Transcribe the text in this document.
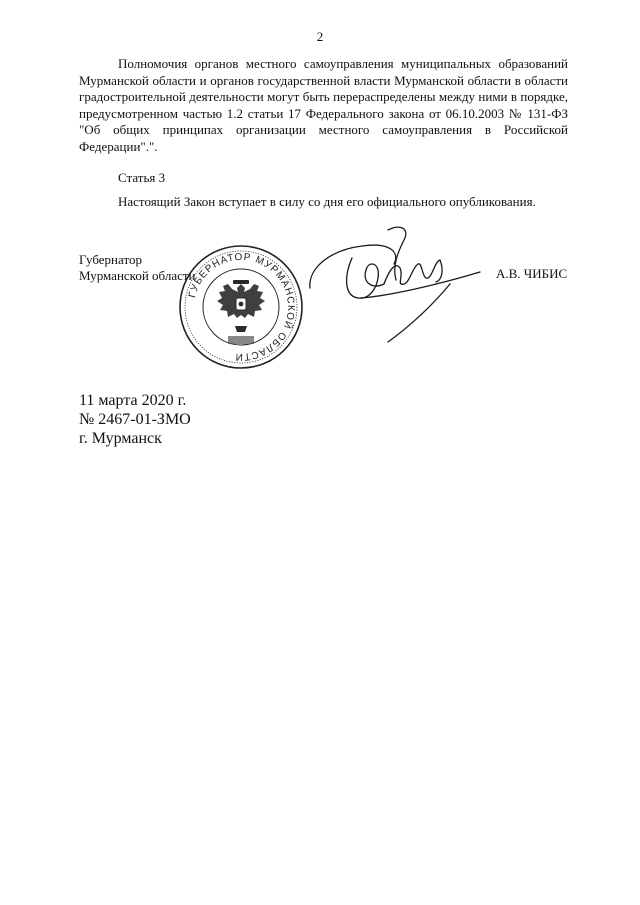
2

Полномочия органов местного самоуправления муниципальных образований Мурманской области и органов государственной власти Мурманской области в области градостроительной деятельности могут быть перераспределены между ними в порядке, предусмотренном частью 1.2 статьи 17 Федерального закона от 06.10.2003 № 131-ФЗ "Об общих принципах организации местного самоуправления в Российской Федерации".".

Статья 3

Настоящий Закон вступает в силу со дня его официального опубликования.

Губернатор

Мурманской области

ГУБЕРНАТОР МУРМАНСКОЙ ОБЛАСТИ

А.В. ЧИБИС

11 марта 2020 г.
№ 2467-01-ЗМО
г. Мурманск
